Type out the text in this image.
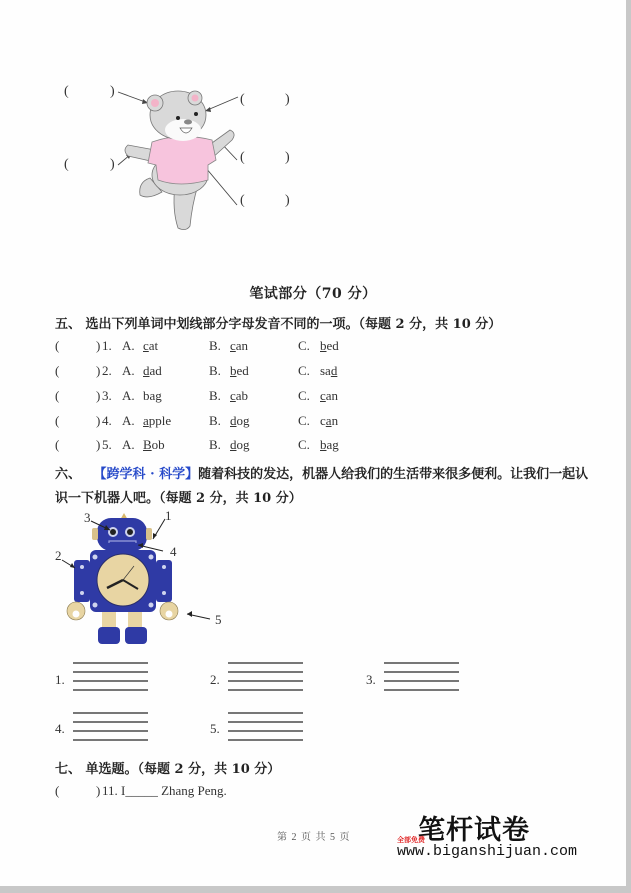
(	)
(	)
(	)	(	)
(	)
笔试部分（70 分）
五、 选出下列单词中划线部分字母发音不同的一项。（每题 2 分，共 10 分）
(	) 1. A. cat	B. can	C. bed
(	) 2. A. dad	B. bed	C. sad
(	) 3. A. bag	B. cab	C. can
(	) 4. A. apple	B. dog	C. can
(	) 5. A. Bob	B. dog	C. bag
六、 【跨学科 · 科学】随着科技的发达，机器人给我们的生活带来很多便利。让我们一起认
识一下机器人吧。（每题 2 分，共 10 分）
3	1
4
2
5
1.	2.	3.
4.	5.
七、 单选题。（每题 2 分，共 10 分）
(	) 11. I_____ Zhang Peng.
第 2 页 共 5 页	笔杆试卷
全部免费
www.biganshijuan.com
